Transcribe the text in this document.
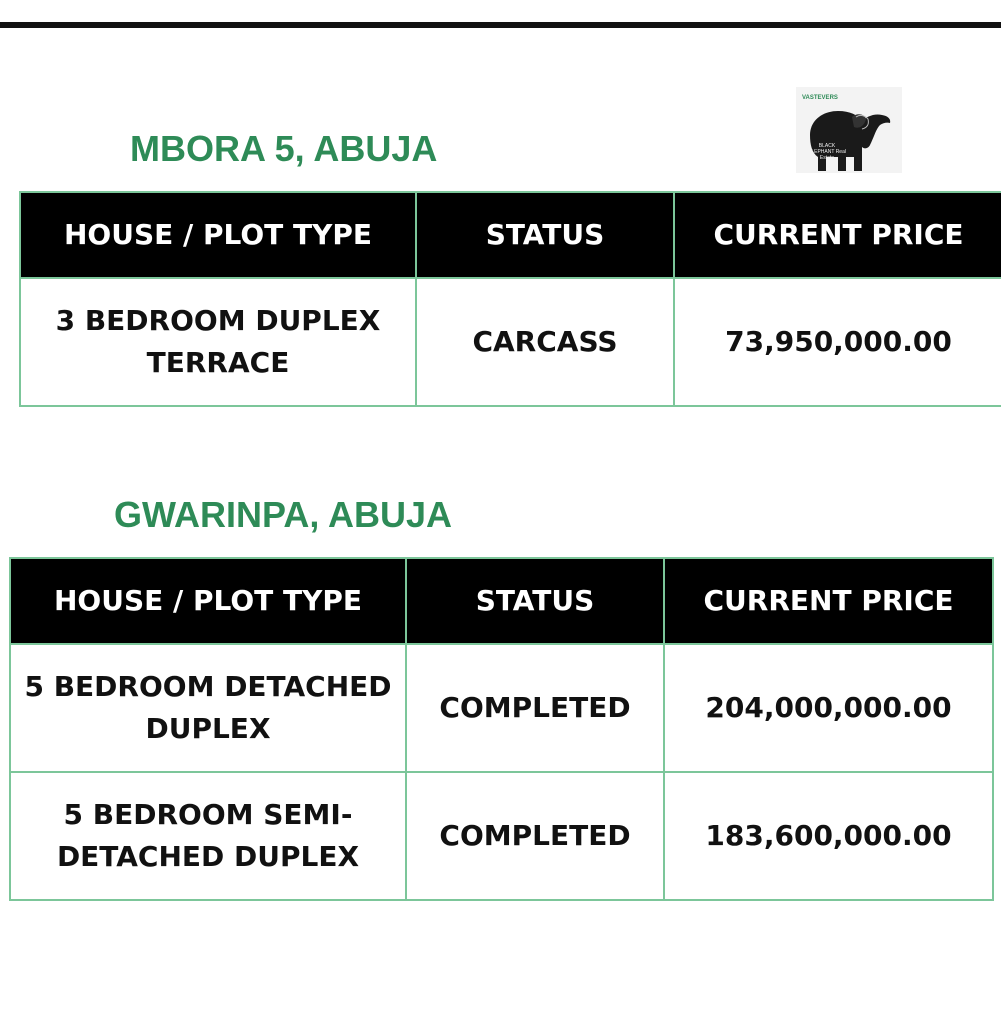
MBORA 5, ABUJA
VASTEVERS
BLACK ELEPHANT Real Estate
HOUSE / PLOT TYPE	STATUS	CURRENT PRICE
3 BEDROOM DUPLEX TERRACE	CARCASS	73,950,000.00
GWARINPA, ABUJA
HOUSE / PLOT TYPE	STATUS	CURRENT PRICE
5 BEDROOM DETACHED DUPLEX	COMPLETED	204,000,000.00
5 BEDROOM SEMI-DETACHED DUPLEX	COMPLETED	183,600,000.00
